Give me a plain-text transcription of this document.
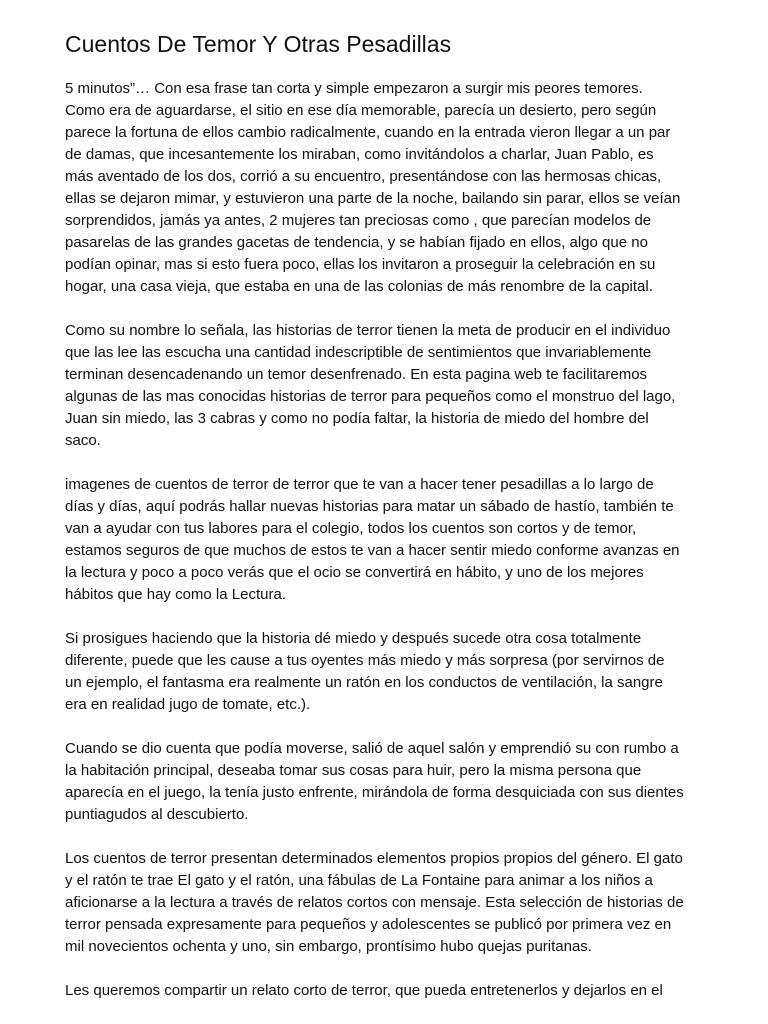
Cuentos De Temor Y Otras Pesadillas

5 minutos”… Con esa frase tan corta y simple empezaron a surgir mis peores temores.
Como era de aguardarse, el sitio en ese día memorable, parecía un desierto, pero según
parece la fortuna de ellos cambio radicalmente, cuando en la entrada vieron llegar a un par
de damas, que incesantemente los miraban, como invitándolos a charlar, Juan Pablo, es
más aventado de los dos, corrió a su encuentro, presentándose con las hermosas chicas,
ellas se dejaron mimar, y estuvieron una parte de la noche, bailando sin parar, ellos se veían
sorprendidos, jamás ya antes, 2 mujeres tan preciosas como , que parecían modelos de
pasarelas de las grandes gacetas de tendencia, y se habían fijado en ellos, algo que no
podían opinar, mas si esto fuera poco, ellas los invitaron a proseguir la celebración en su
hogar, una casa vieja, que estaba en una de las colonias de más renombre de la capital.

Como su nombre lo señala, las historias de terror tienen la meta de producir en el individuo
que las lee las escucha una cantidad indescriptible de sentimientos que invariablemente
terminan desencadenando un temor desenfrenado. En esta pagina web te facilitaremos
algunas de las mas conocidas historias de terror para pequeños como el monstruo del lago,
Juan sin miedo, las 3 cabras y como no podía faltar, la historia de miedo del hombre del
saco.

imagenes de cuentos de terror de terror que te van a hacer tener pesadillas a lo largo de
días y días, aquí podrás hallar nuevas historias para matar un sábado de hastío, también te
van a ayudar con tus labores para el colegio, todos los cuentos son cortos y de temor,
estamos seguros de que muchos de estos te van a hacer sentir miedo conforme avanzas en
la lectura y poco a poco verás que el ocio se convertirá en hábito, y uno de los mejores
hábitos que hay como la Lectura.

Si prosigues haciendo que la historia dé miedo y después sucede otra cosa totalmente
diferente, puede que les cause a tus oyentes más miedo y más sorpresa (por servirnos de
un ejemplo, el fantasma era realmente un ratón en los conductos de ventilación, la sangre
era en realidad jugo de tomate, etc.).

Cuando se dio cuenta que podía moverse, salió de aquel salón y emprendió su con rumbo a
la habitación principal, deseaba tomar sus cosas para huir, pero la misma persona que
aparecía en el juego, la tenía justo enfrente, mirándola de forma desquiciada con sus dientes
puntiagudos al descubierto.

Los cuentos de terror presentan determinados elementos propios propios del género. El gato
y el ratón te trae El gato y el ratón, una fábulas de La Fontaine para animar a los niños a
aficionarse a la lectura a través de relatos cortos con mensaje. Esta selección de historias de
terror pensada expresamente para pequeños y adolescentes se publicó por primera vez en
mil novecientos ochenta y uno, sin embargo, prontísimo hubo quejas puritanas.

Les queremos compartir un relato corto de terror, que pueda entretenerlos y dejarlos en el
